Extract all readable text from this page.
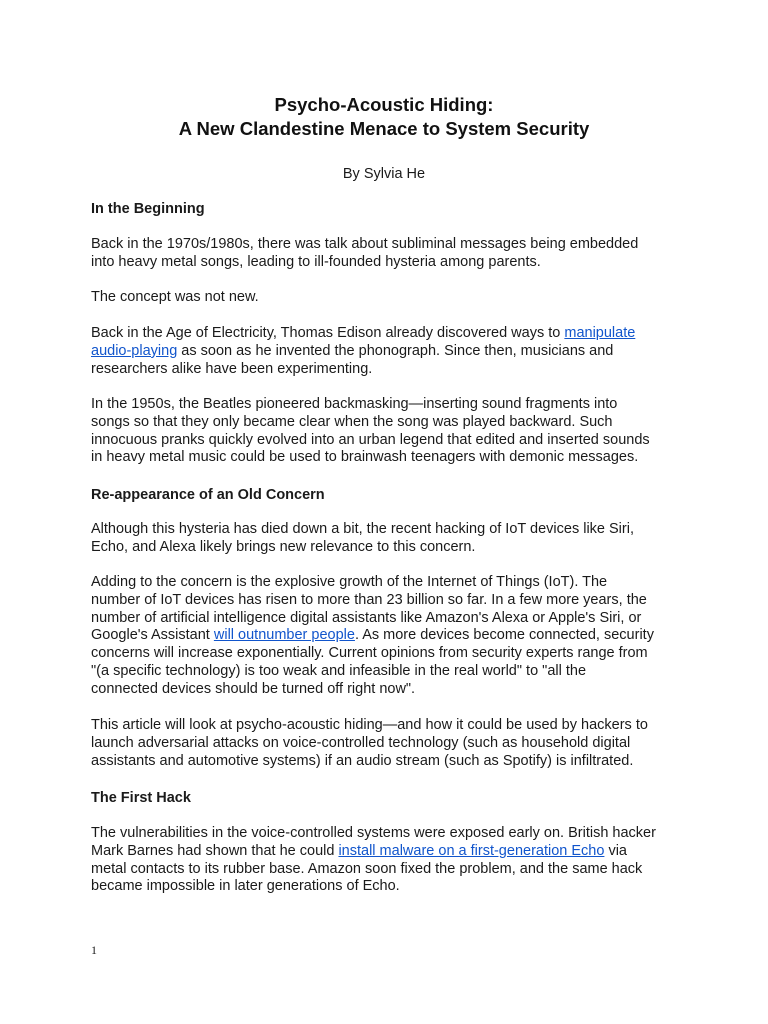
Psycho-Acoustic Hiding:
A New Clandestine Menace to System Security

By Sylvia He

In the Beginning

Back in the 1970s/1980s, there was talk about subliminal messages being embedded
into heavy metal songs, leading to ill-founded hysteria among parents.

The concept was not new.

Back in the Age of Electricity, Thomas Edison already discovered ways to manipulate
audio-playing as soon as he invented the phonograph. Since then, musicians and
researchers alike have been experimenting.

In the 1950s, the Beatles pioneered backmasking—inserting sound fragments into
songs so that they only became clear when the song was played backward. Such
innocuous pranks quickly evolved into an urban legend that edited and inserted sounds
in heavy metal music could be used to brainwash teenagers with demonic messages.

Re-appearance of an Old Concern

Although this hysteria has died down a bit, the recent hacking of IoT devices like Siri,
Echo, and Alexa likely brings new relevance to this concern.

Adding to the concern is the explosive growth of the Internet of Things (IoT). The
number of IoT devices has risen to more than 23 billion so far. In a few more years, the
number of artificial intelligence digital assistants like Amazon's Alexa or Apple's Siri, or
Google's Assistant will outnumber people. As more devices become connected, security
concerns will increase exponentially. Current opinions from security experts range from
"(a specific technology) is too weak and infeasible in the real world" to "all the
connected devices should be turned off right now".

This article will look at psycho-acoustic hiding—and how it could be used by hackers to
launch adversarial attacks on voice-controlled technology (such as household digital
assistants and automotive systems) if an audio stream (such as Spotify) is infiltrated.

The First Hack

The vulnerabilities in the voice-controlled systems were exposed early on. British hacker
Mark Barnes had shown that he could install malware on a first-generation Echo via
metal contacts to its rubber base. Amazon soon fixed the problem, and the same hack
became impossible in later generations of Echo.

1
